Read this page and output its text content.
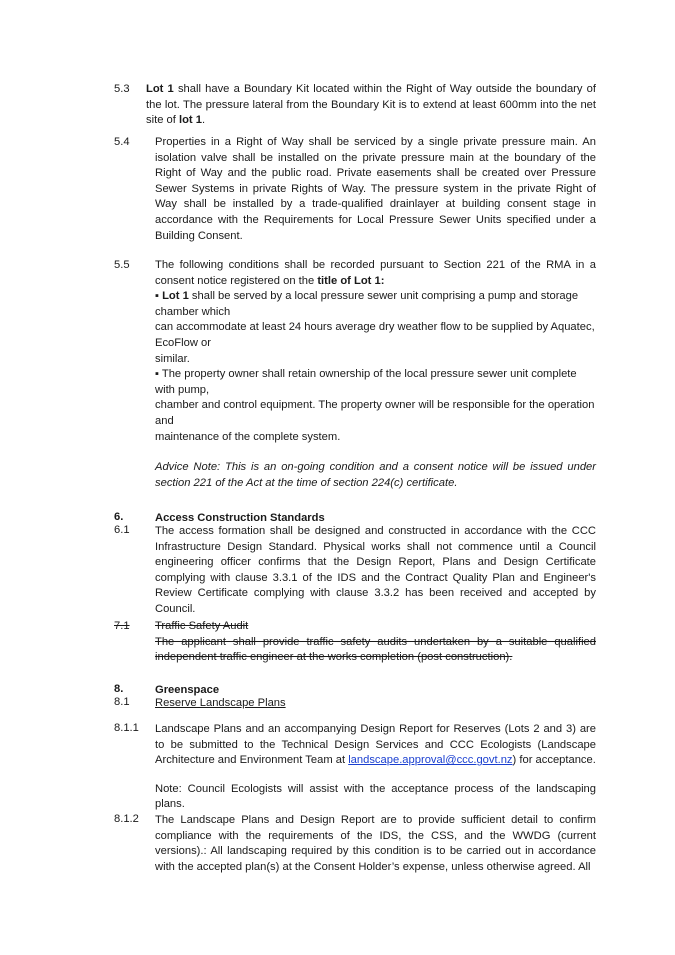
5.3 Lot 1 shall have a Boundary Kit located within the Right of Way outside the boundary of the lot. The pressure lateral from the Boundary Kit is to extend at least 600mm into the net site of lot 1.
5.4 Properties in a Right of Way shall be serviced by a single private pressure main. An isolation valve shall be installed on the private pressure main at the boundary of the Right of Way and the public road. Private easements shall be created over Pressure Sewer Systems in private Rights of Way. The pressure system in the private Right of Way shall be installed by a trade-qualified drainlayer at building consent stage in accordance with the Requirements for Local Pressure Sewer Units specified under a Building Consent.
5.5 The following conditions shall be recorded pursuant to Section 221 of the RMA in a consent notice registered on the title of Lot 1:

▪ Lot 1 shall be served by a local pressure sewer unit comprising a pump and storage chamber which

can accommodate at least 24 hours average dry weather flow to be supplied by Aquatec, EcoFlow or

similar.

▪ The property owner shall retain ownership of the local pressure sewer unit complete with pump,

chamber and control equipment. The property owner will be responsible for the operation and

maintenance of the complete system.

Advice Note: This is an on-going condition and a consent notice will be issued under section 221 of the Act at the time of section 224(c) certificate.

6.	Access Construction Standards
6.1 The access formation shall be designed and constructed in accordance with the CCC Infrastructure Design Standard. Physical works shall not commence until a Council engineering officer confirms that the Design Report, Plans and Design Certificate complying with clause 3.3.1 of the IDS and the Contract Quality Plan and Engineer's Review Certificate complying with clause 3.3.2 has been received and accepted by Council.
7.1 Traffic Safety Audit
The applicant shall provide traffic safety audits undertaken by a suitable qualified independent traffic engineer at the works completion (post construction).
8.	Greenspace
8.1 Reserve Landscape Plans
8.1.1 Landscape Plans and an accompanying Design Report for Reserves (Lots 2 and 3) are to be submitted to the Technical Design Services and CCC Ecologists (Landscape Architecture and Environment Team at landscape.approval@ccc.govt.nz) for acceptance.
Note: Council Ecologists will assist with the acceptance process of the landscaping plans.
8.1.2 The Landscape Plans and Design Report are to provide sufficient detail to confirm compliance with the requirements of the IDS, the CSS, and the WWDG (current versions).: All landscaping required by this condition is to be carried out in accordance with the accepted plan(s) at the Consent Holder’s expense, unless otherwise agreed. All
